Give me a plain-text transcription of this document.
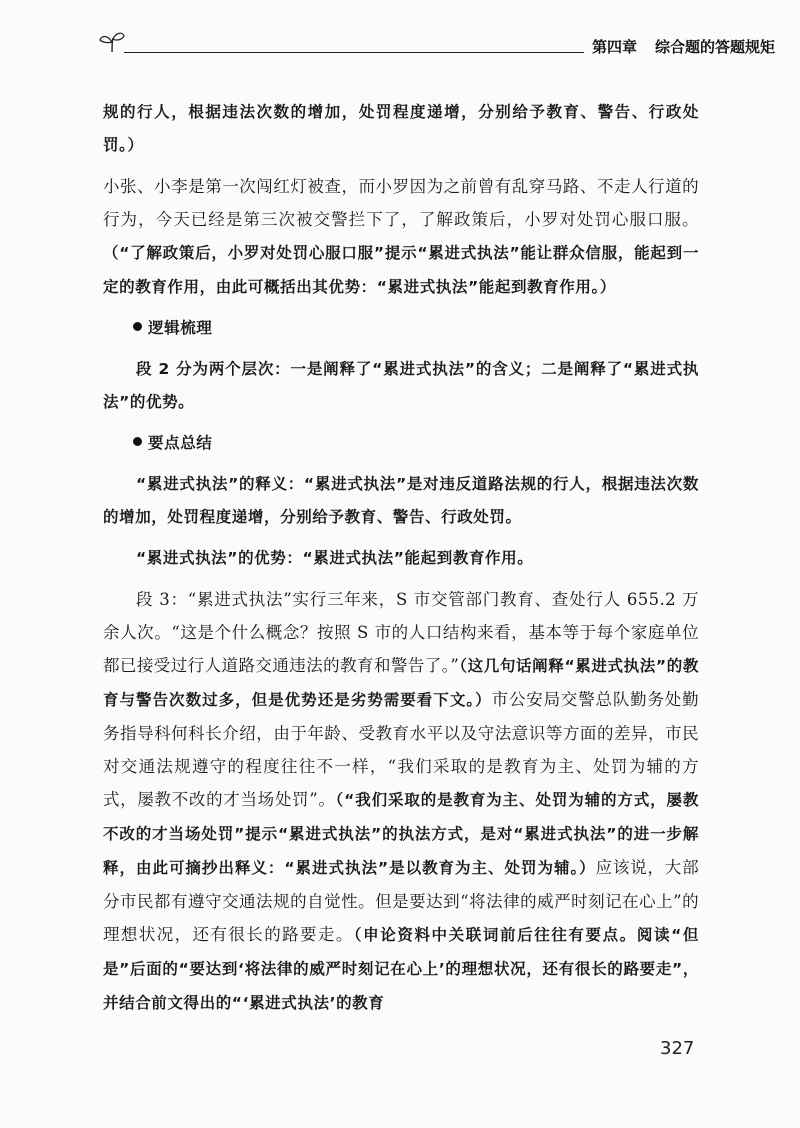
第四章 综合题的答题规矩

规的行人，根据违法次数的增加，处罚程度递增，分别给予教育、警告、行政处罚。）

小张、小李是第一次闯红灯被查，而小罗因为之前曾有乱穿马路、不走人行道的行为，今天已经是第三次被交警拦下了，了解政策后，小罗对处罚心服口服。（“了解政策后，小罗对处罚心服口服”提示“累进式执法”能让群众信服，能起到一定的教育作用，由此可概括出其优势：“累进式执法”能起到教育作用。）

逻辑梳理

段 2 分为两个层次：一是阐释了“累进式执法”的含义；二是阐释了“累进式执法”的优势。

要点总结

“累进式执法”的释义：“累进式执法”是对违反道路法规的行人，根据违法次数的增加，处罚程度递增，分别给予教育、警告、行政处罚。

“累进式执法”的优势：“累进式执法”能起到教育作用。

段 3：“累进式执法”实行三年来，S 市交管部门教育、查处行人 655.2 万余人次。“这是个什么概念？按照 S 市的人口结构来看，基本等于每个家庭单位都已接受过行人道路交通违法的教育和警告了。”（这几句话阐释“累进式执法”的教育与警告次数过多，但是优势还是劣势需要看下文。）市公安局交警总队勤务处勤务指导科何科长介绍，由于年龄、受教育水平以及守法意识等方面的差异，市民对交通法规遵守的程度往往不一样，“我们采取的是教育为主、处罚为辅的方式，屡教不改的才当场处罚”。（“我们采取的是教育为主、处罚为辅的方式，屡教不改的才当场处罚”提示“累进式执法”的执法方式，是对“累进式执法”的进一步解释，由此可摘抄出释义：“累进式执法”是以教育为主、处罚为辅。）应该说，大部分市民都有遵守交通法规的自觉性。但是要达到“将法律的威严时刻记在心上”的理想状况，还有很长的路要走。（申论资料中关联词前后往往有要点。阅读“但是”后面的“要达到‘将法律的威严时刻记在心上’的理想状况，还有很长的路要走”，并结合前文得出的“‘累进式执法’的教育

327
